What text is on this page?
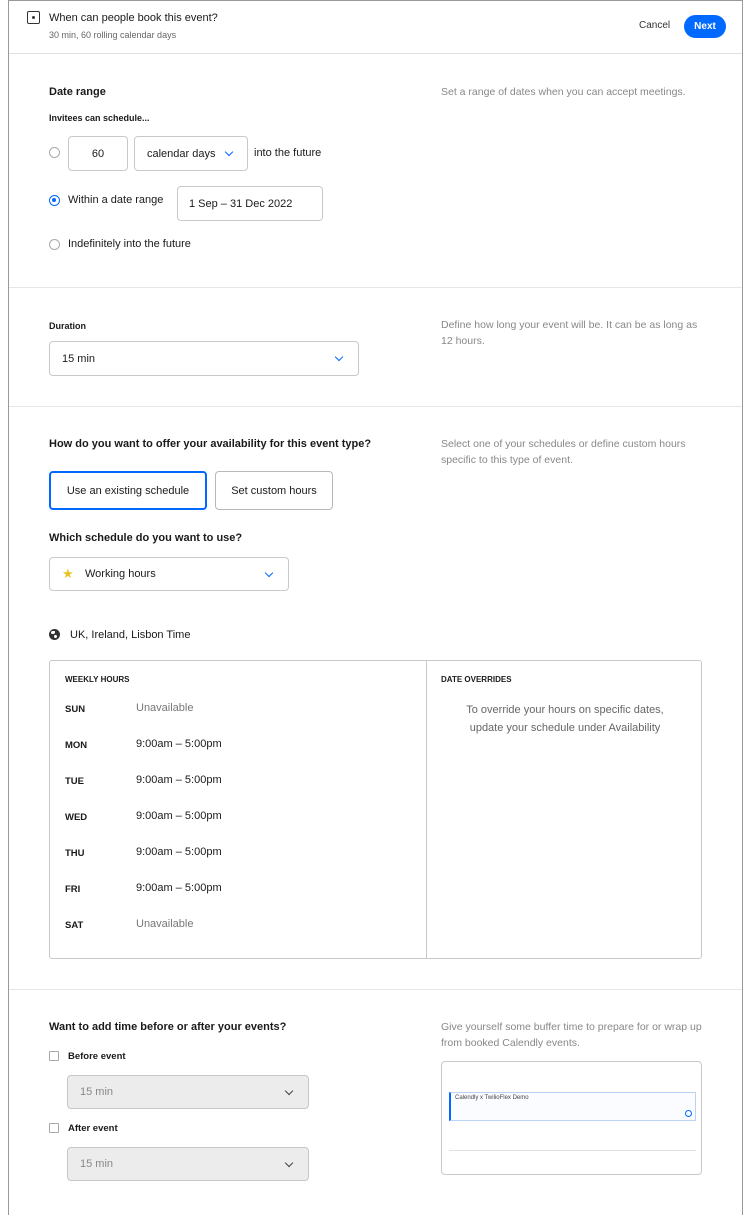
When can people book this event?
30 min, 60 rolling calendar days
Cancel	Next
Date range	Set a range of dates when you can accept meetings.
Invitees can schedule...
60	calendar days	into the future
Within a date range 1 Sep – 31 Dec 2022
Indefinitely into the future
Duration	Define how long your event will be. It can be as long as 12 hours.
15 min
How do you want to offer your availability for this event type?	Select one of your schedules or define custom hours specific to this type of event.
Use an existing schedule	Set custom hours
Which schedule do you want to use?
★ Working hours
UK, Ireland, Lisbon Time
WEEKLY HOURS	DATE OVERRIDES
To override your hours on specific dates, update your schedule under Availability
SUN	Unavailable
MON	9:00am – 5:00pm
TUE	9:00am – 5:00pm
WED	9:00am – 5:00pm
THU	9:00am – 5:00pm
FRI	9:00am – 5:00pm
SAT	Unavailable
Want to add time before or after your events?	Give yourself some buffer time to prepare for or wrap up from booked Calendly events.
Before event
15 min
After event
15 min
Calendly x TwilioFlex Demo
